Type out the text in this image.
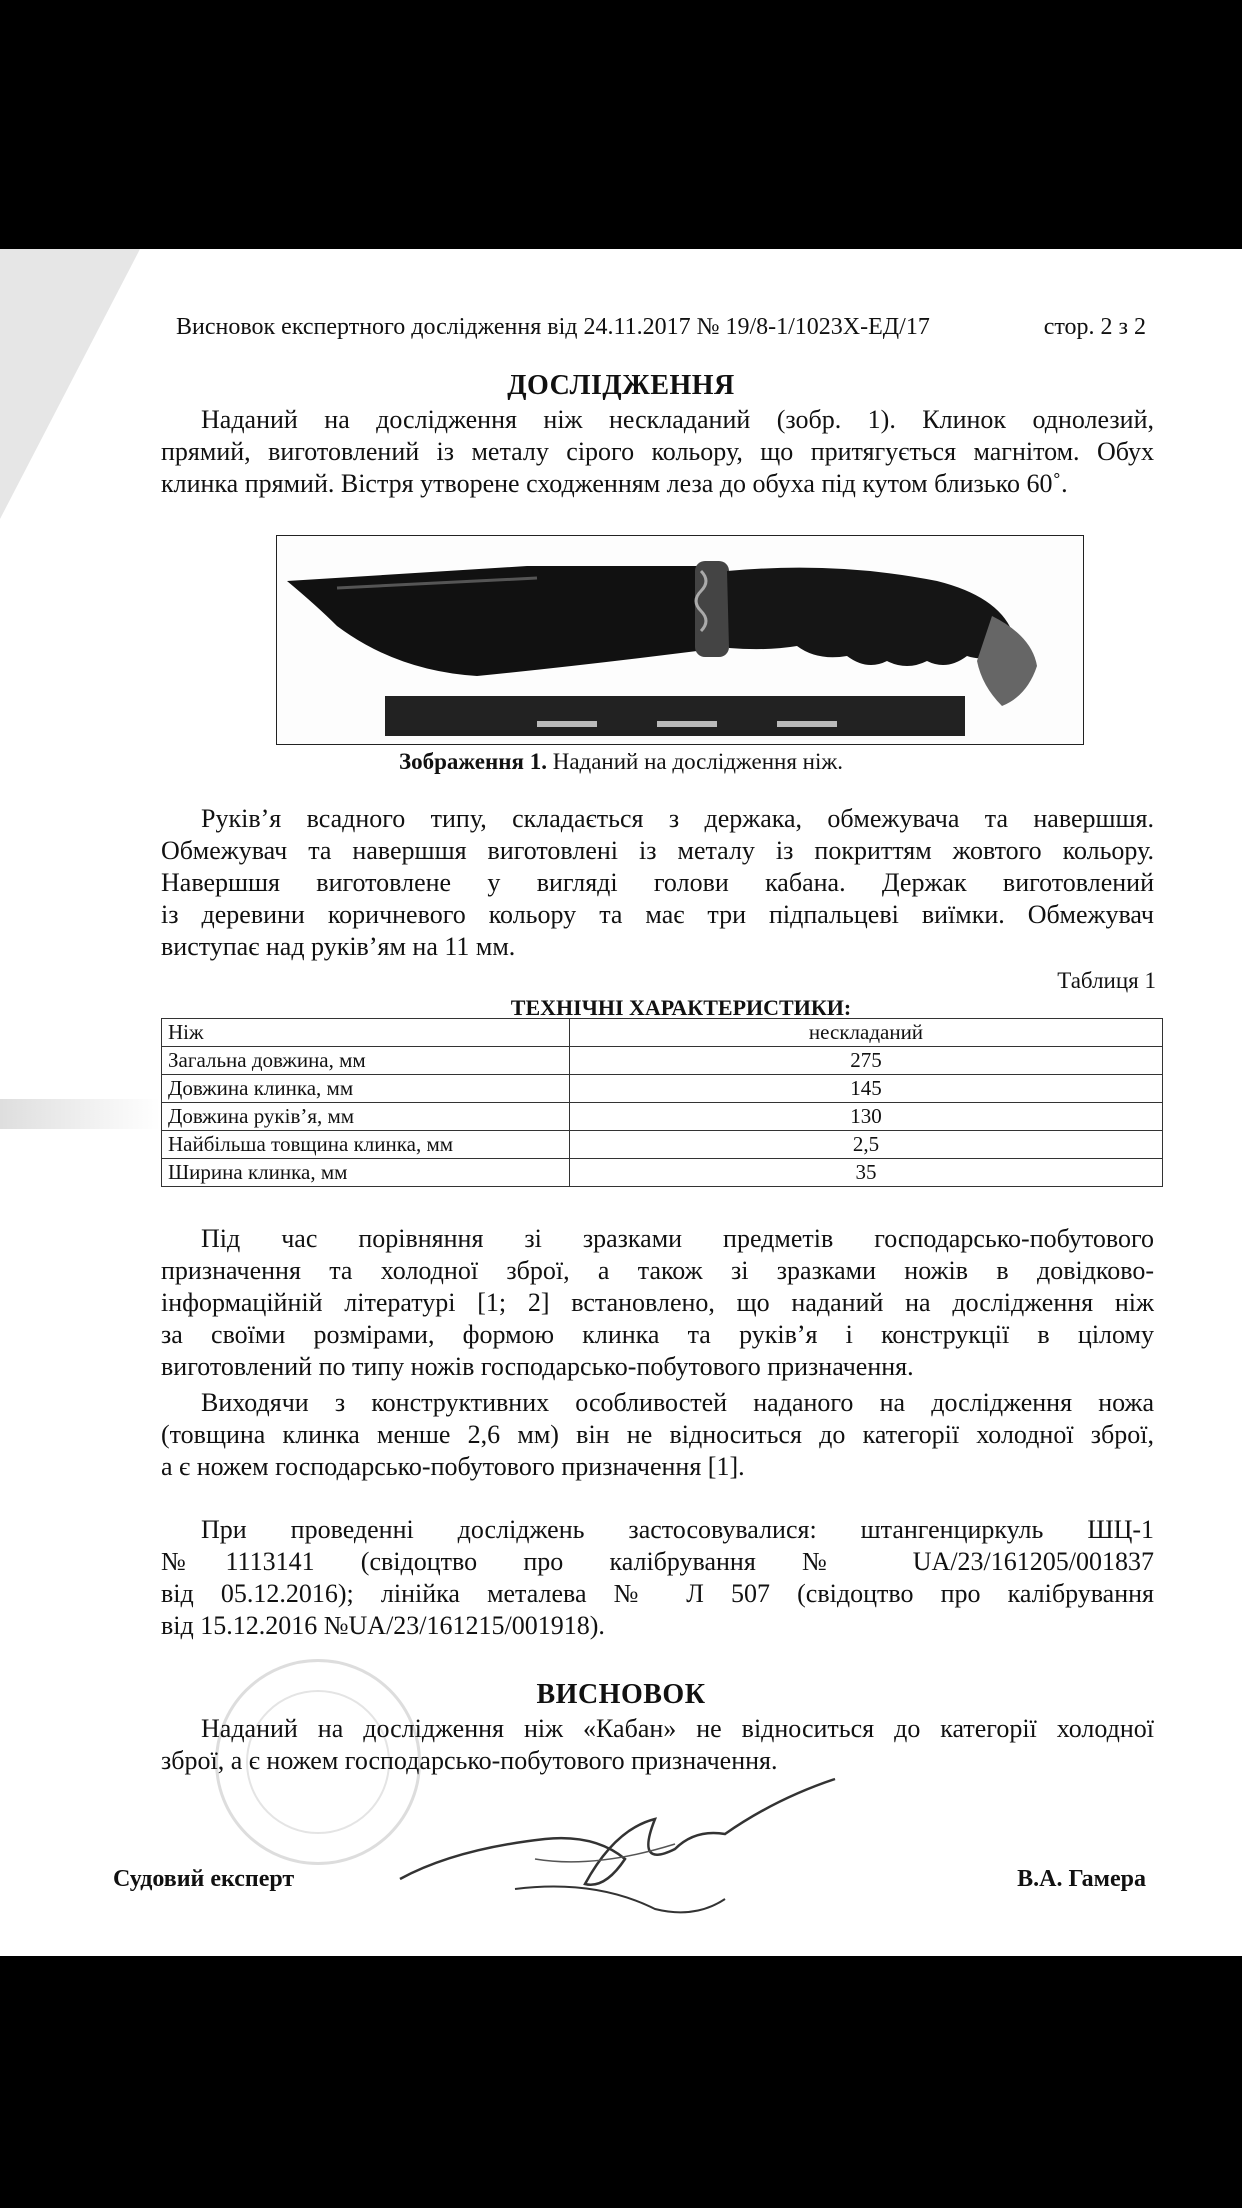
Висновок експертного дослідження від 24.11.2017 № 19/8-1/1023Х-ЕД/17	стор. 2 з 2
ДОСЛІДЖЕННЯ
Наданий на дослідження ніж нескладаний (зобр. 1). Клинок однолезий,
прямий, виготовлений із металу сірого кольору, що притягується магнітом. Обух
клинка прямий. Вістря утворене сходженням леза до обуха під кутом близько 60˚.
Зображення 1. Наданий на дослідження ніж.
Руків’я всадного типу, складається з держака, обмежувача та навершшя.
Обмежувач та навершшя виготовлені із металу із покриттям жовтого кольору.
Навершшя виготовлене у вигляді голови кабана. Держак виготовлений
із деревини коричневого кольору та має три підпальцеві виїмки. Обмежувач
виступає над руків’ям на 11 мм.
Таблиця 1
ТЕХНІЧНІ ХАРАКТЕРИСТИКИ:
Ніж	нескладаний
Загальна довжина, мм	275
Довжина клинка, мм	145
Довжина руків’я, мм	130
Найбільша товщина клинка, мм	2,5
Ширина клинка, мм	35
Під час порівняння зі зразками предметів господарсько-побутового
призначення та холодної зброї, а також зі зразками ножів в довідково-
інформаційній літературі [1; 2] встановлено, що наданий на дослідження ніж
за своїми розмірами, формою клинка та руків’я і конструкції в цілому
виготовлений по типу ножів господарсько-побутового призначення.
Виходячи з конструктивних особливостей наданого на дослідження ножа
(товщина клинка менше 2,6 мм) він не відноситься до категорії холодної зброї,
а є ножем господарсько-побутового призначення [1].
При проведенні досліджень застосовувалися: штангенциркуль ШЦ-1
№1113141 (свідоцтво про калібрування № UA/23/161205/001837
від 05.12.2016); лінійка металева № Л 507 (свідоцтво про калібрування
від 15.12.2016 №UA/23/161215/001918).
ВИСНОВОК
Наданий на дослідження ніж «Кабан» не відноситься до категорії холодної
зброї, а є ножем господарсько-побутового призначення.
Судовий експерт	В.А. Гамера
